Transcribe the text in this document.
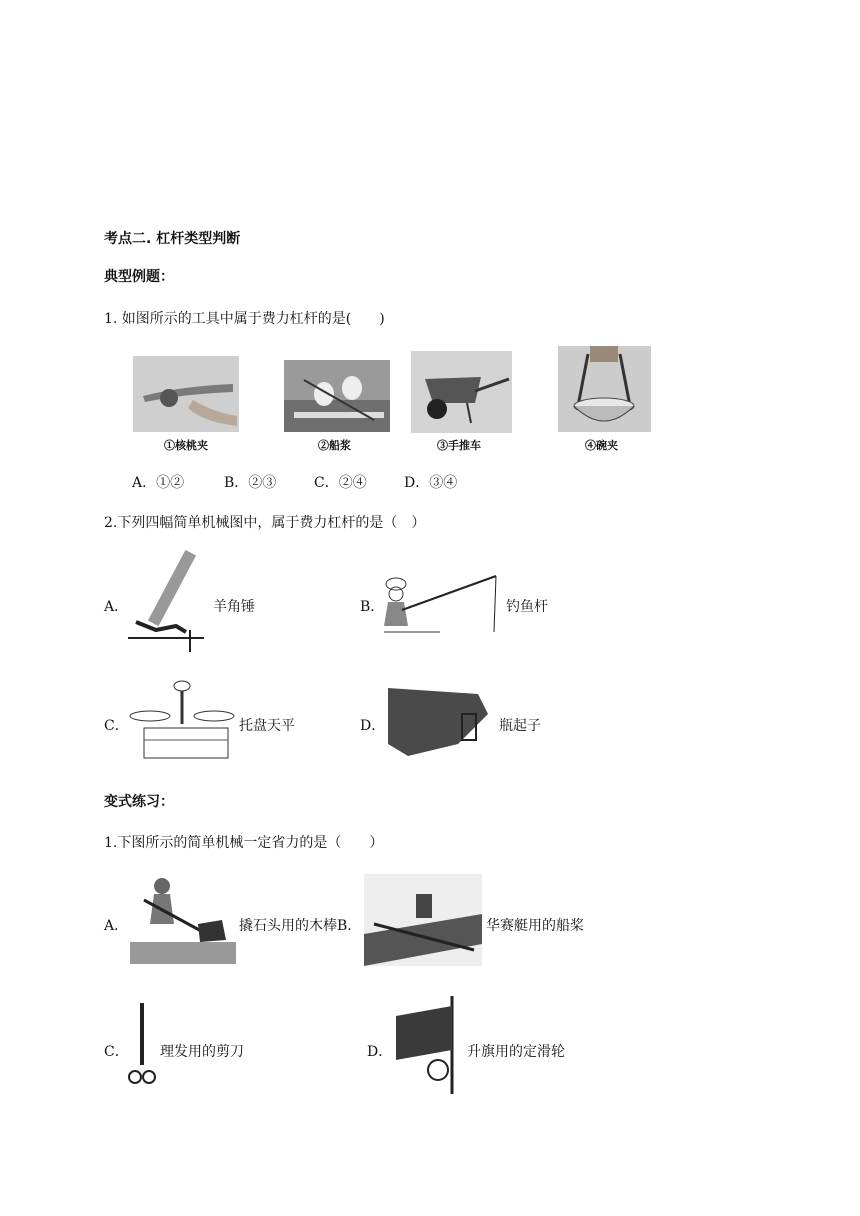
考点二. 杠杆类型判断
典型例题：
1. 如图所示的工具中属于费力杠杆的是(　　)
①核桃夹	②船浆	③手推车	④碗夹
A．①②	B．②③	C．②④	D．③④
2.下列四幅简单机械图中，属于费力杠杆的是（　）
A．	羊角锤	B．	钓鱼杆
C．	托盘天平	D．	瓶起子
变式练习：
1.下图所示的简单机械一定省力的是（　　）
A．	撬石头用的木棒B.	华赛艇用的船桨
C． 理发用的剪刀	D．	升旗用的定滑轮
